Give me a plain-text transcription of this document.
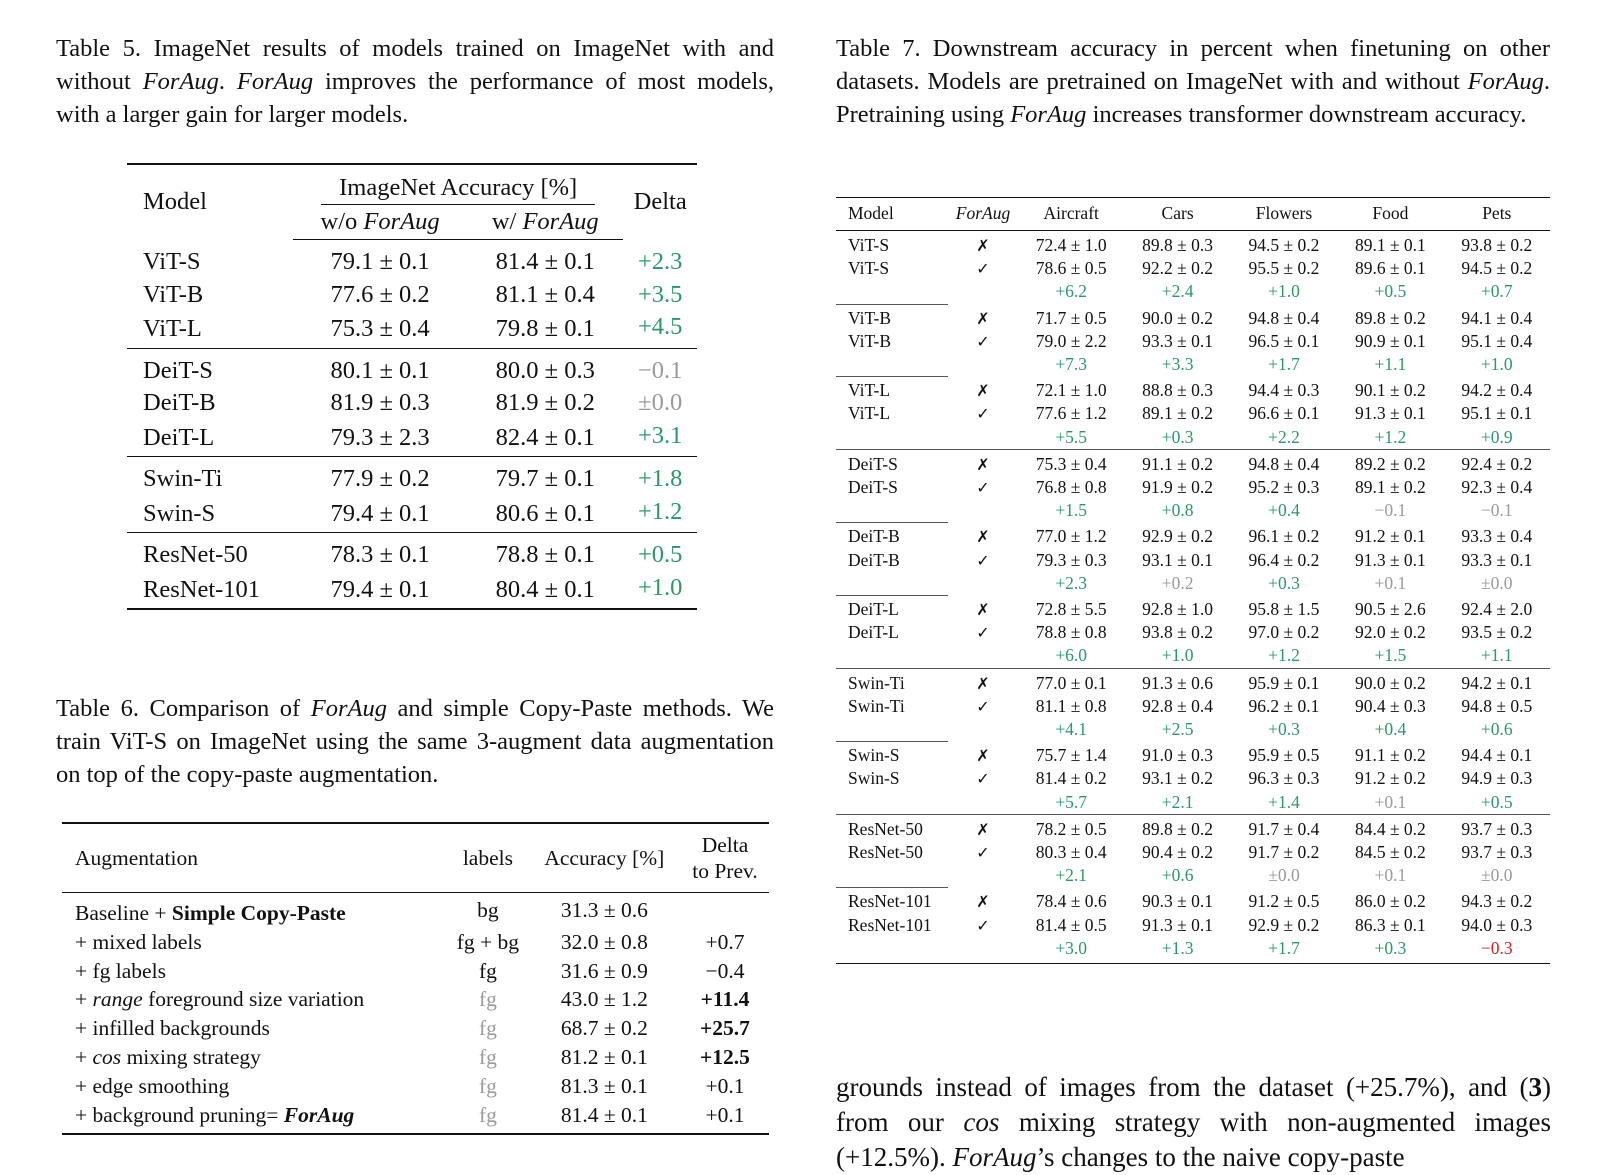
Table 5. ImageNet results of models trained on ImageNet with and without ForAug. ForAug improves the performance of most models, with a larger gain for larger models.
Model	ImageNet Accuracy [%]		Delta
	w/o ForAug	w/ ForAug	
ViT-S	79.1 ± 0.1	81.4 ± 0.1	+2.3
ViT-B	77.6 ± 0.2	81.1 ± 0.4	+3.5
ViT-L	75.3 ± 0.4	79.8 ± 0.1	+4.5
DeiT-S	80.1 ± 0.1	80.0 ± 0.3	−0.1
DeiT-B	81.9 ± 0.3	81.9 ± 0.2	±0.0
DeiT-L	79.3 ± 2.3	82.4 ± 0.1	+3.1
Swin-Ti	77.9 ± 0.2	79.7 ± 0.1	+1.8
Swin-S	79.4 ± 0.1	80.6 ± 0.1	+1.2
ResNet-50	78.3 ± 0.1	78.8 ± 0.1	+0.5
ResNet-101	79.4 ± 0.1	80.4 ± 0.1	+1.0
Table 6. Comparison of ForAug and simple Copy-Paste methods. We train ViT-S on ImageNet using the same 3-augment data augmentation on top of the copy-paste augmentation.
Augmentation	labels	Accuracy [%]	Delta
to Prev.

Baseline + Simple Copy-Paste	bg	31.3 ± 0.6	
+ mixed labels	fg + bg	32.0 ± 0.8	+0.7
+ fg labels	fg	31.6 ± 0.9	−0.4
+ range foreground size variation	fg	43.0 ± 1.2	+11.4
+ infilled backgrounds	fg	68.7 ± 0.2	+25.7
+ cos mixing strategy	fg	81.2 ± 0.1	+12.5
+ edge smoothing	fg	81.3 ± 0.1	+0.1
+ background pruning= ForAug	fg	81.4 ± 0.1	+0.1
Table 7. Downstream accuracy in percent when finetuning on other datasets. Models are pretrained on ImageNet with and without ForAug. Pretraining using ForAug increases transformer downstream accuracy.
Model	ForAug	Aircraft	Cars	Flowers	Food	Pets
ViT-S	✗	72.4 ± 1.0	89.8 ± 0.3	94.5 ± 0.2	89.1 ± 0.1	93.8 ± 0.2
ViT-S	✓	78.6 ± 0.5	92.2 ± 0.2	95.5 ± 0.2	89.6 ± 0.1	94.5 ± 0.2
		+6.2	+2.4	+1.0	+0.5	+0.7
ViT-B	✗	71.7 ± 0.5	90.0 ± 0.2	94.8 ± 0.4	89.8 ± 0.2	94.1 ± 0.4
ViT-B	✓	79.0 ± 2.2	93.3 ± 0.1	96.5 ± 0.1	90.9 ± 0.1	95.1 ± 0.4
		+7.3	+3.3	+1.7	+1.1	+1.0
ViT-L	✗	72.1 ± 1.0	88.8 ± 0.3	94.4 ± 0.3	90.1 ± 0.2	94.2 ± 0.4
ViT-L	✓	77.6 ± 1.2	89.1 ± 0.2	96.6 ± 0.1	91.3 ± 0.1	95.1 ± 0.1
		+5.5	+0.3	+2.2	+1.2	+0.9
DeiT-S	✗	75.3 ± 0.4	91.1 ± 0.2	94.8 ± 0.4	89.2 ± 0.2	92.4 ± 0.2
DeiT-S	✓	76.8 ± 0.8	91.9 ± 0.2	95.2 ± 0.3	89.1 ± 0.2	92.3 ± 0.4
		+1.5	+0.8	+0.4	−0.1	−0.1
DeiT-B	✗	77.0 ± 1.2	92.9 ± 0.2	96.1 ± 0.2	91.2 ± 0.1	93.3 ± 0.4
DeiT-B	✓	79.3 ± 0.3	93.1 ± 0.1	96.4 ± 0.2	91.3 ± 0.1	93.3 ± 0.1
		+2.3	+0.2	+0.3	+0.1	±0.0
DeiT-L	✗	72.8 ± 5.5	92.8 ± 1.0	95.8 ± 1.5	90.5 ± 2.6	92.4 ± 2.0
DeiT-L	✓	78.8 ± 0.8	93.8 ± 0.2	97.0 ± 0.2	92.0 ± 0.2	93.5 ± 0.2
		+6.0	+1.0	+1.2	+1.5	+1.1
Swin-Ti	✗	77.0 ± 0.1	91.3 ± 0.6	95.9 ± 0.1	90.0 ± 0.2	94.2 ± 0.1
Swin-Ti	✓	81.1 ± 0.8	92.8 ± 0.4	96.2 ± 0.1	90.4 ± 0.3	94.8 ± 0.5
		+4.1	+2.5	+0.3	+0.4	+0.6
Swin-S	✗	75.7 ± 1.4	91.0 ± 0.3	95.9 ± 0.5	91.1 ± 0.2	94.4 ± 0.1
Swin-S	✓	81.4 ± 0.2	93.1 ± 0.2	96.3 ± 0.3	91.2 ± 0.2	94.9 ± 0.3
		+5.7	+2.1	+1.4	+0.1	+0.5
ResNet-50	✗	78.2 ± 0.5	89.8 ± 0.2	91.7 ± 0.4	84.4 ± 0.2	93.7 ± 0.3
ResNet-50	✓	80.3 ± 0.4	90.4 ± 0.2	91.7 ± 0.2	84.5 ± 0.2	93.7 ± 0.3
		+2.1	+0.6	±0.0	+0.1	±0.0
ResNet-101	✗	78.4 ± 0.6	90.3 ± 0.1	91.2 ± 0.5	86.0 ± 0.2	94.3 ± 0.2
ResNet-101	✓	81.4 ± 0.5	91.3 ± 0.1	92.9 ± 0.2	86.3 ± 0.1	94.0 ± 0.3
		+3.0	+1.3	+1.7	+0.3	−0.3
grounds instead of images from the dataset (+25.7%), and (3) from our cos mixing strategy with non-augmented images (+12.5%). ForAug’s changes to the naive copy-paste
